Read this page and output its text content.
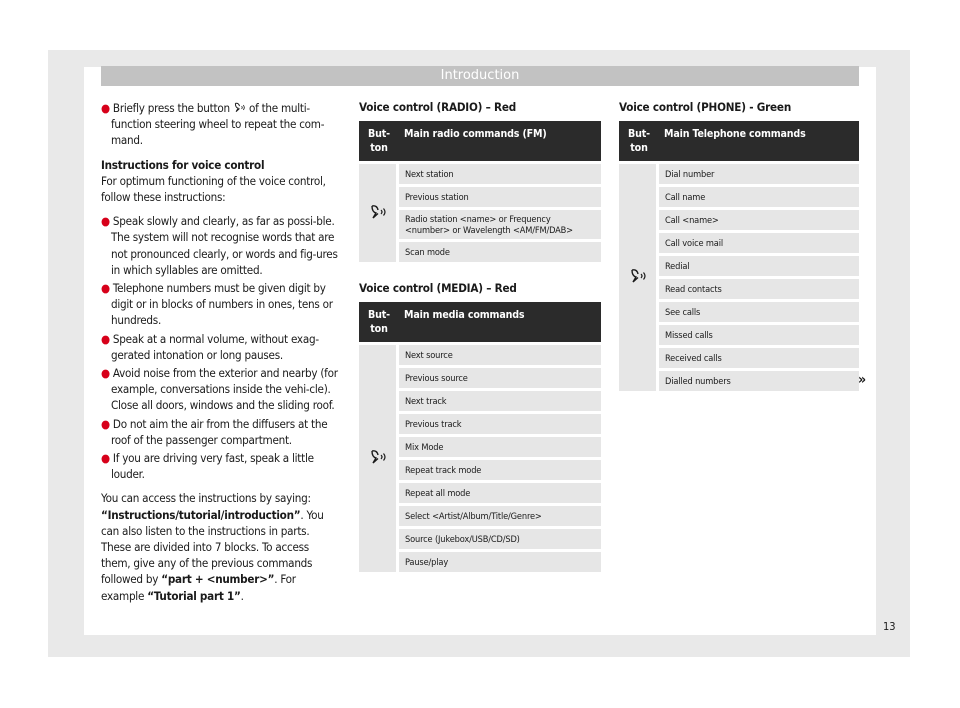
Introduction

● Briefly press the button of the multi-function steering wheel to repeat the com-mand.

Instructions for voice control

For optimum functioning of the voice control, follow these instructions:

● Speak slowly and clearly, as far as possi-ble. The system will not recognise words that are not pronounced clearly, or words and fig-ures in which syllables are omitted.

● Telephone numbers must be given digit by digit or in blocks of numbers in ones, tens or hundreds.

● Speak at a normal volume, without exag-gerated intonation or long pauses.

● Avoid noise from the exterior and nearby (for example, conversations inside the vehi-cle). Close all doors, windows and the sliding roof.

● Do not aim the air from the diffusers at the roof of the passenger compartment.

● If you are driving very fast, speak a little louder.

You can access the instructions by saying: “Instructions/tutorial/introduction”. You can also listen to the instructions in parts. These are divided into 7 blocks. To access them, give any of the previous commands followed by “part + <number>”. For example “Tutorial part 1”.

Voice control (RADIO) – Red
But-ton	Main radio commands (FM)
	Next station
	Previous station
	Radio station <name> or Frequency <number> or Wavelength <AM/FM/DAB>
	Scan mode
Voice control (MEDIA) – Red
But-ton	Main media commands
	Next source
	Previous source
	Next track
	Previous track
	Mix Mode
	Repeat track mode
	Repeat all mode
	Select <Artist/Album/Title/Genre>
	Source (Jukebox/USB/CD/SD)
	Pause/play
Voice control (PHONE) - Green
But-ton	Main Telephone commands
	Dial number
	Call name
	Call <name>
	Call voice mail
	Redial
	Read contacts
	See calls
	Missed calls
	Received calls
	Dialled numbers	»
13
